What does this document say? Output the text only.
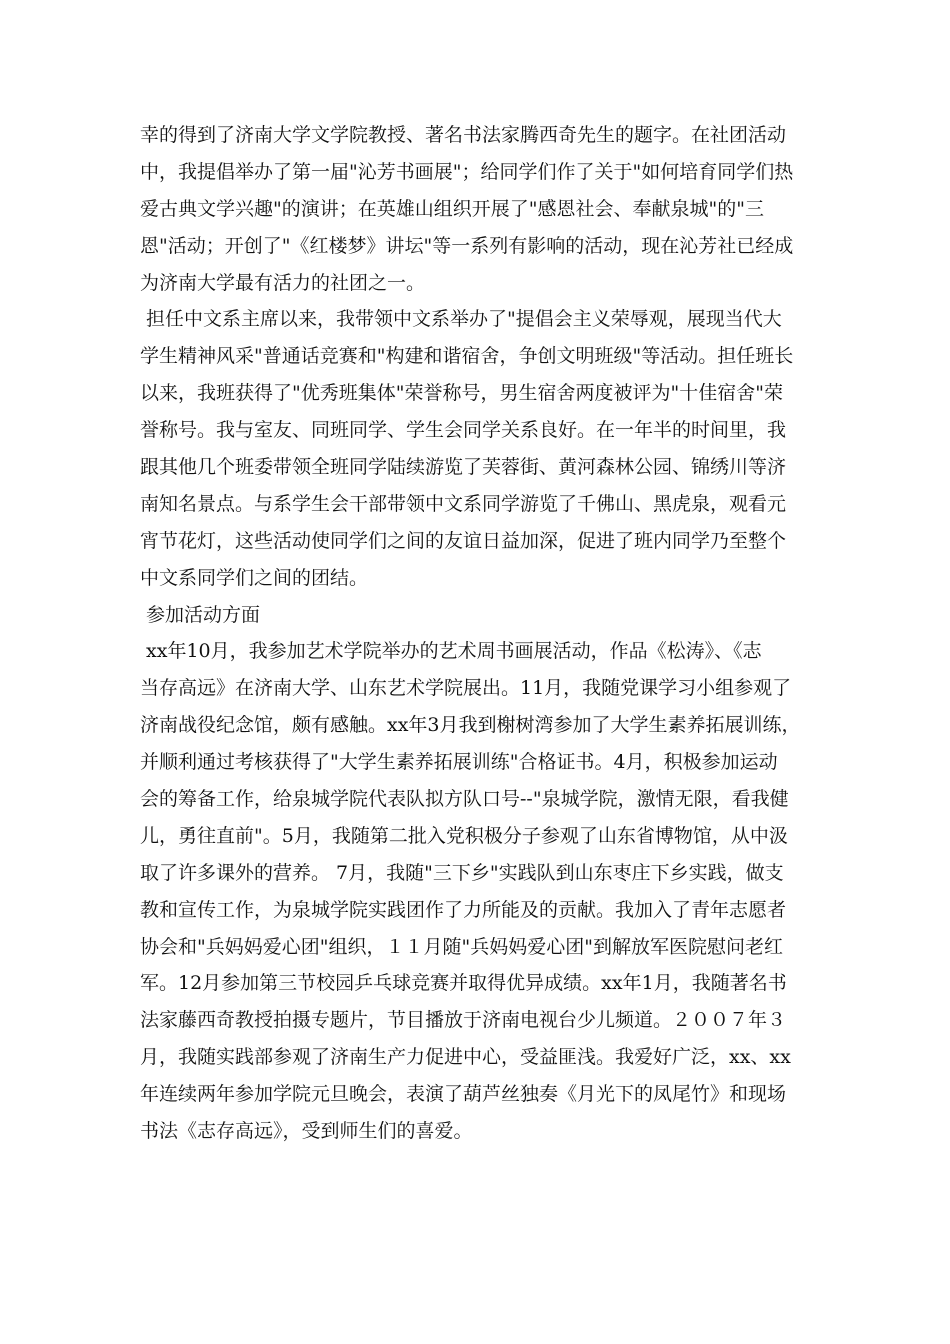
幸的得到了济南大学文学院教授、著名书法家腾西奇先生的题字。在社团活动
中，我提倡举办了第一届"沁芳书画展"；给同学们作了关于"如何培育同学们热
爱古典文学兴趣"的演讲；在英雄山组织开展了"感恩社会、奉献泉城"的"三
恩"活动；开创了"《红楼梦》讲坛"等一系列有影响的活动，现在沁芳社已经成
为济南大学最有活力的社团之一。
担任中文系主席以来，我带领中文系举办了"提倡会主义荣辱观，展现当代大
学生精神风采"普通话竞赛和"构建和谐宿舍，争创文明班级"等活动。担任班长
以来，我班获得了"优秀班集体"荣誉称号，男生宿舍两度被评为"十佳宿舍"荣
誉称号。我与室友、同班同学、学生会同学关系良好。在一年半的时间里，我
跟其他几个班委带领全班同学陆续游览了芙蓉街、黄河森林公园、锦绣川等济
南知名景点。与系学生会干部带领中文系同学游览了千佛山、黑虎泉，观看元
宵节花灯，这些活动使同学们之间的友谊日益加深，促进了班内同学乃至整个
中文系同学们之间的团结。
参加活动方面
xx年10月，我参加艺术学院举办的艺术周书画展活动，作品《松涛》、《志
当存高远》在济南大学、山东艺术学院展出。11月，我随党课学习小组参观了
济南战役纪念馆，颇有感触。xx年3月我到榭树湾参加了大学生素养拓展训练，
并顺利通过考核获得了"大学生素养拓展训练"合格证书。4月，积极参加运动
会的筹备工作，给泉城学院代表队拟方队口号--"泉城学院，激情无限，看我健
儿，勇往直前"。5月，我随第二批入党积极分子参观了山东省博物馆，从中汲
取了许多课外的营养。 7月，我随"三下乡"实践队到山东枣庄下乡实践，做支
教和宣传工作，为泉城学院实践团作了力所能及的贡献。我加入了青年志愿者
协会和"兵妈妈爱心团"组织，１１月随"兵妈妈爱心团"到解放军医院慰问老红
军。12月参加第三节校园乒乓球竞赛并取得优异成绩。xx年1月，我随著名书
法家藤西奇教授拍摄专题片，节目播放于济南电视台少儿频道。２００７年３
月，我随实践部参观了济南生产力促进中心，受益匪浅。我爱好广泛，xx、xx
年连续两年参加学院元旦晚会，表演了葫芦丝独奏《月光下的凤尾竹》和现场
书法《志存高远》，受到师生们的喜爱。
